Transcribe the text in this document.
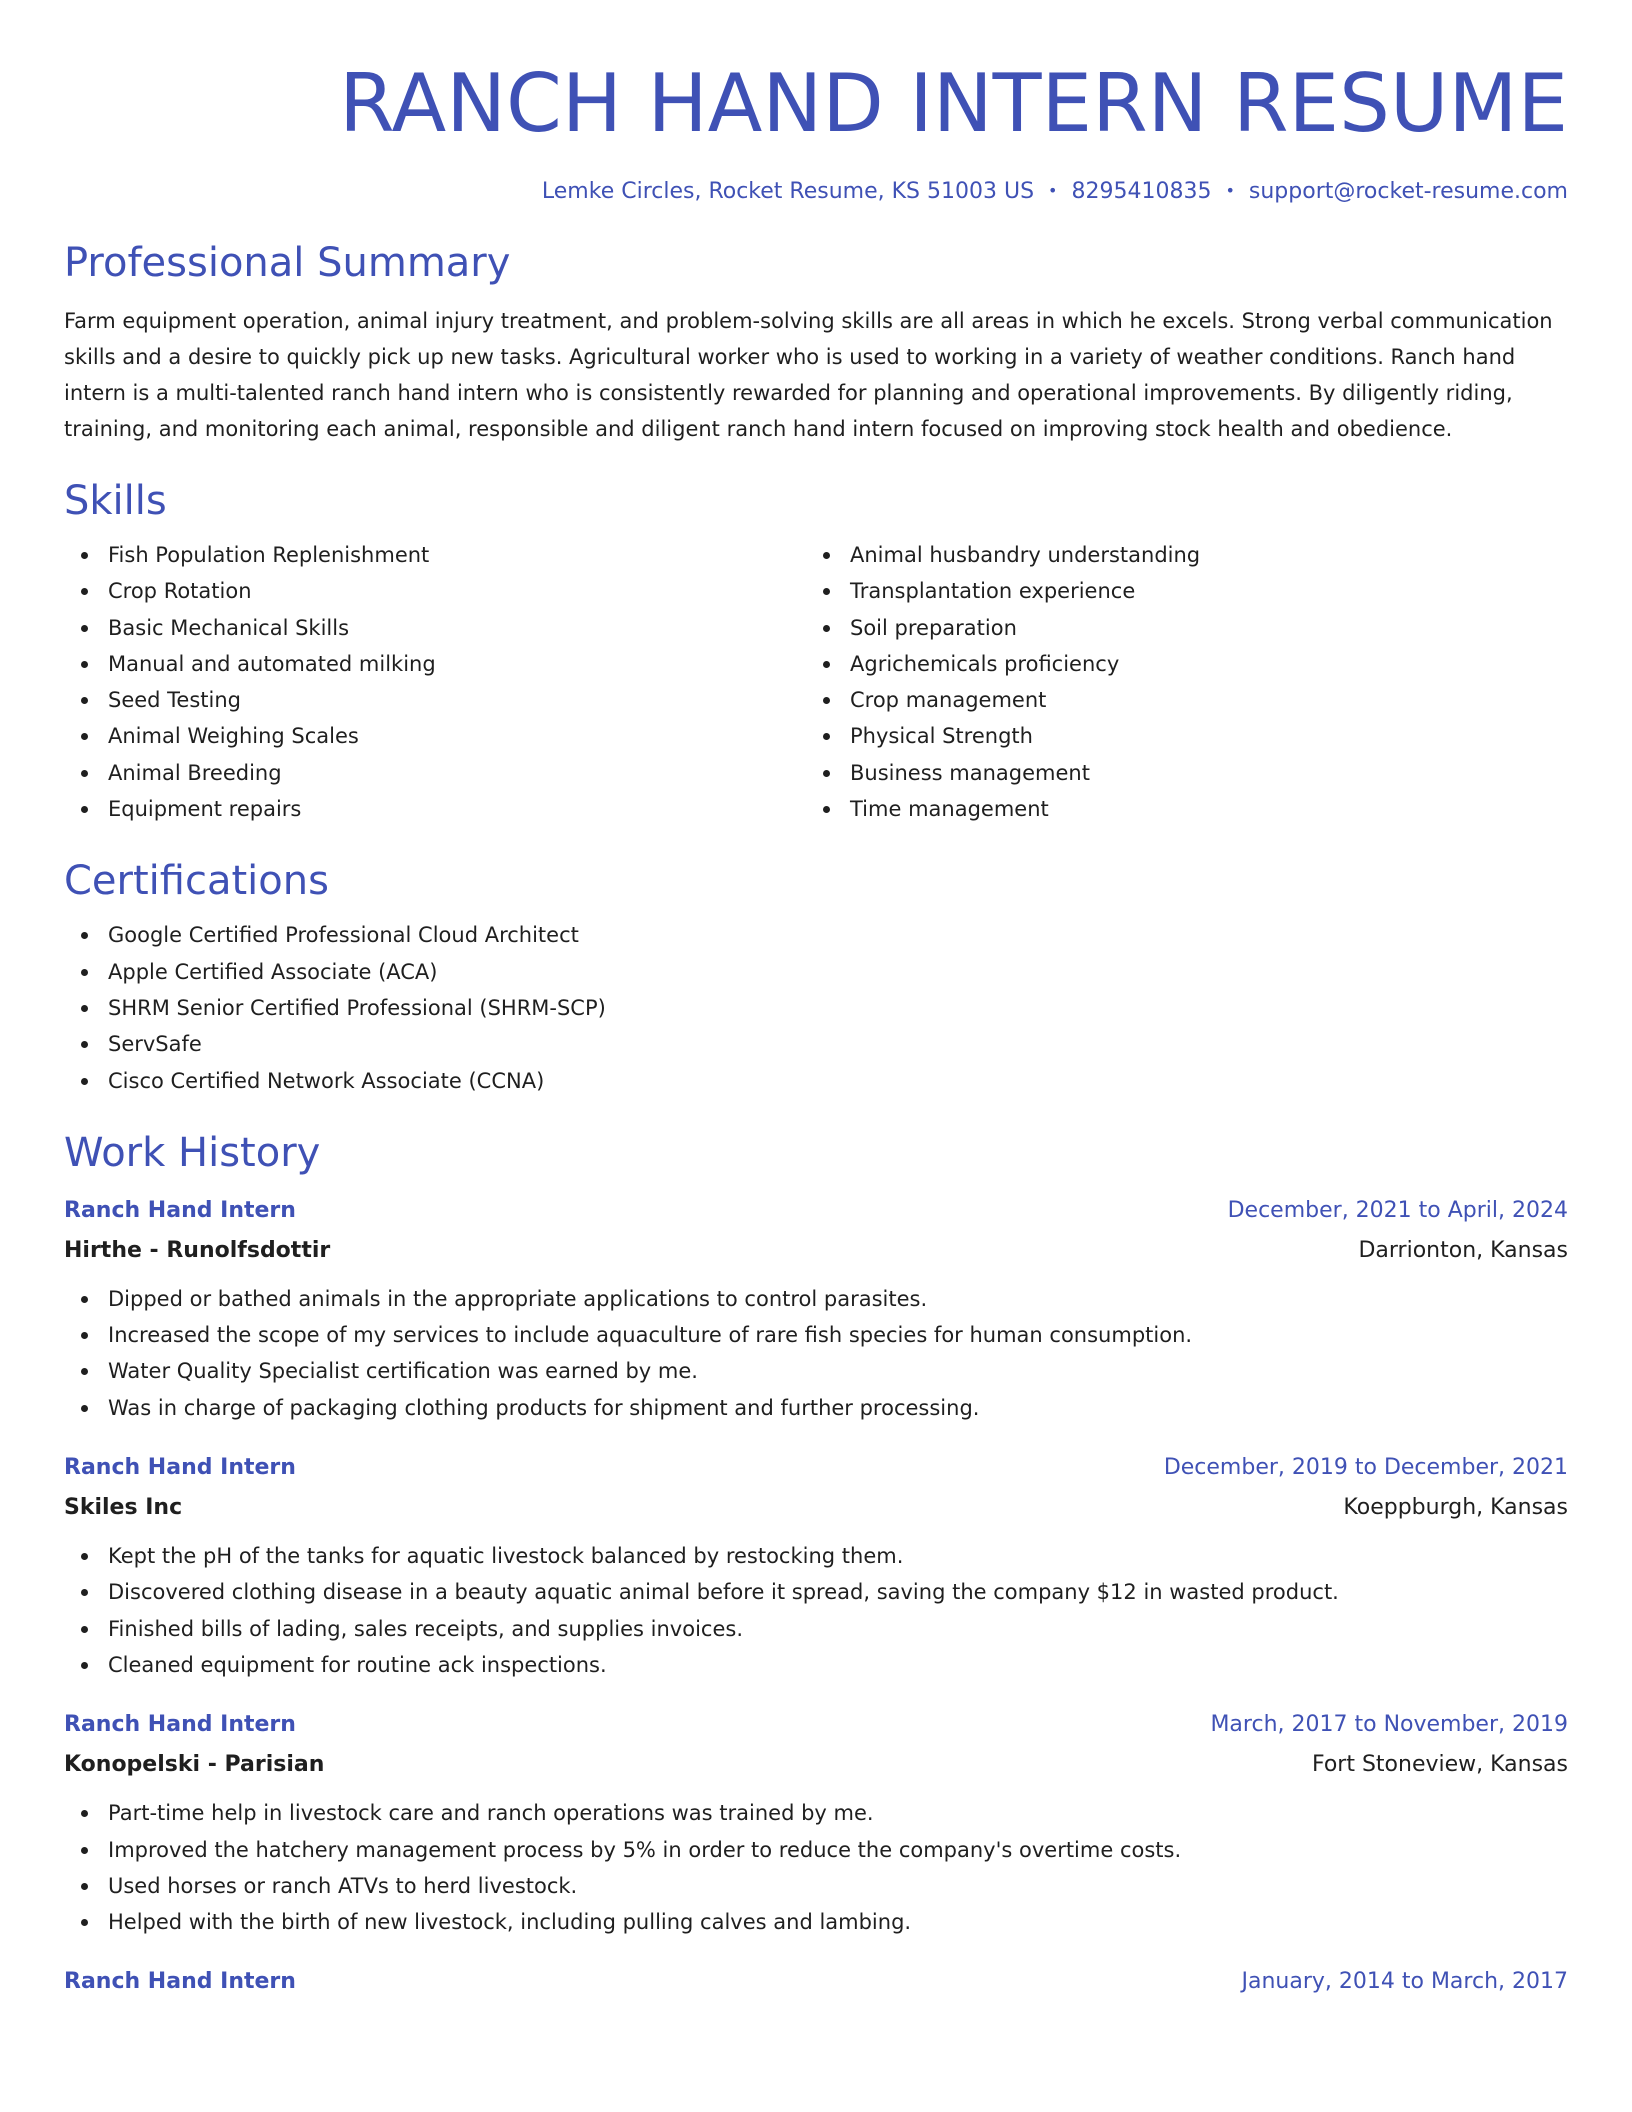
RANCH HAND INTERN RESUME
Lemke Circles, Rocket Resume, KS 51003 US • 8295410835 • support@rocket-resume.com
Professional Summary
Farm equipment operation, animal injury treatment, and problem-solving skills are all areas in which he excels. Strong verbal communication skills and a desire to quickly pick up new tasks. Agricultural worker who is used to working in a variety of weather conditions. Ranch hand intern is a multi-talented ranch hand intern who is consistently rewarded for planning and operational improvements. By diligently riding, training, and monitoring each animal, responsible and diligent ranch hand intern focused on improving stock health and obedience.
Skills
Fish Population Replenishment
Crop Rotation
Basic Mechanical Skills
Manual and automated milking
Seed Testing
Animal Weighing Scales
Animal Breeding
Equipment repairs
Animal husbandry understanding
Transplantation experience
Soil preparation
Agrichemicals proficiency
Crop management
Physical Strength
Business management
Time management
Certifications
Google Certified Professional Cloud Architect
Apple Certified Associate (ACA)
SHRM Senior Certified Professional (SHRM-SCP)
ServSafe
Cisco Certified Network Associate (CCNA)
Work History
Ranch Hand Intern	December, 2021 to April, 2024
Hirthe - Runolfsdottir	Darrionton, Kansas
Dipped or bathed animals in the appropriate applications to control parasites.
Increased the scope of my services to include aquaculture of rare fish species for human consumption.
Water Quality Specialist certification was earned by me.
Was in charge of packaging clothing products for shipment and further processing.
Ranch Hand Intern	December, 2019 to December, 2021
Skiles Inc	Koeppburgh, Kansas
Kept the pH of the tanks for aquatic livestock balanced by restocking them.
Discovered clothing disease in a beauty aquatic animal before it spread, saving the company $12 in wasted product.
Finished bills of lading, sales receipts, and supplies invoices.
Cleaned equipment for routine ack inspections.
Ranch Hand Intern	March, 2017 to November, 2019
Konopelski - Parisian	Fort Stoneview, Kansas
Part-time help in livestock care and ranch operations was trained by me.
Improved the hatchery management process by 5% in order to reduce the company's overtime costs.
Used horses or ranch ATVs to herd livestock.
Helped with the birth of new livestock, including pulling calves and lambing.
Ranch Hand Intern	January, 2014 to March, 2017
